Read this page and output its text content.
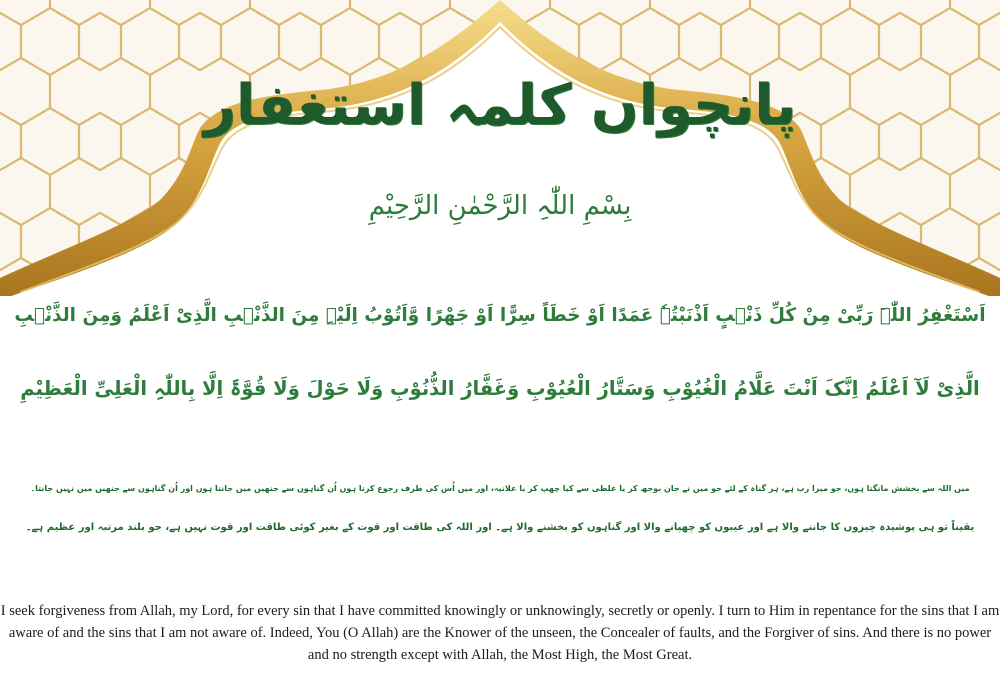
پانچواں کلمہ استغفار
بِسْمِ اللّٰہِ الرَّحْمٰنِ الرَّحِیْمِ
اَسْتَغْفِرُ اللّٰہَ رَبِّیْ مِنْ کُلِّ ذَنْۢبٍ اَذْنَبْتُہٗ عَمَدًا اَوْ خَطَاً سِرًّا اَوْ جَھْرًا وَّاَتُوْبُ اِلَیْہِ مِنَ الذَّنْۢبِ الَّذِیْ اَعْلَمُ وَمِنَ الذَّنْۢبِ
الَّذِیْ لَآ اَعْلَمُ اِنَّکَ اَنْتَ عَلَّامُ الْغُیُوْبِ وَسَتَّارُ الْعُیُوْبِ وَغَفَّارُ الذُّنُوْبِ وَلَا حَوْلَ وَلَا قُوَّۃَ اِلَّا بِاللّٰہِ الْعَلِیِّ الْعَظِیْمِ
میں اللہ سے بخشش مانگتا ہوں، جو میرا رب ہے، ہر گناہ کے لئے جو میں نے جان بوجھ کر یا غلطی سے کیا چھپ کر یا علانیہ، اور میں اُس کی طرف رجوع کرتا ہوں اُن گناہوں سے جنھیں میں جانتا ہوں اور اُن گناہوں سے جنھیں میں نہیں جانتا۔
یقیناً تو ہی پوشیدہ چیزوں کا جاننے والا ہے اور عیبوں کو چھپانے والا اور گناہوں کو بخشنے والا ہے۔ اور اللہ کی طاقت اور قوت کے بغیر کوئی طاقت اور قوت نہیں ہے، جو بلند مرتبہ اور عظیم ہے۔
I seek forgiveness from Allah, my Lord, for every sin that I have committed knowingly or unknowingly, secretly or openly. I turn to Him in repentance for the sins that I am aware of and the sins that I am not aware of. Indeed, You (O Allah) are the Knower of the unseen, the Concealer of faults, and the Forgiver of sins. And there is no power and no strength except with Allah, the Most High, the Most Great.
